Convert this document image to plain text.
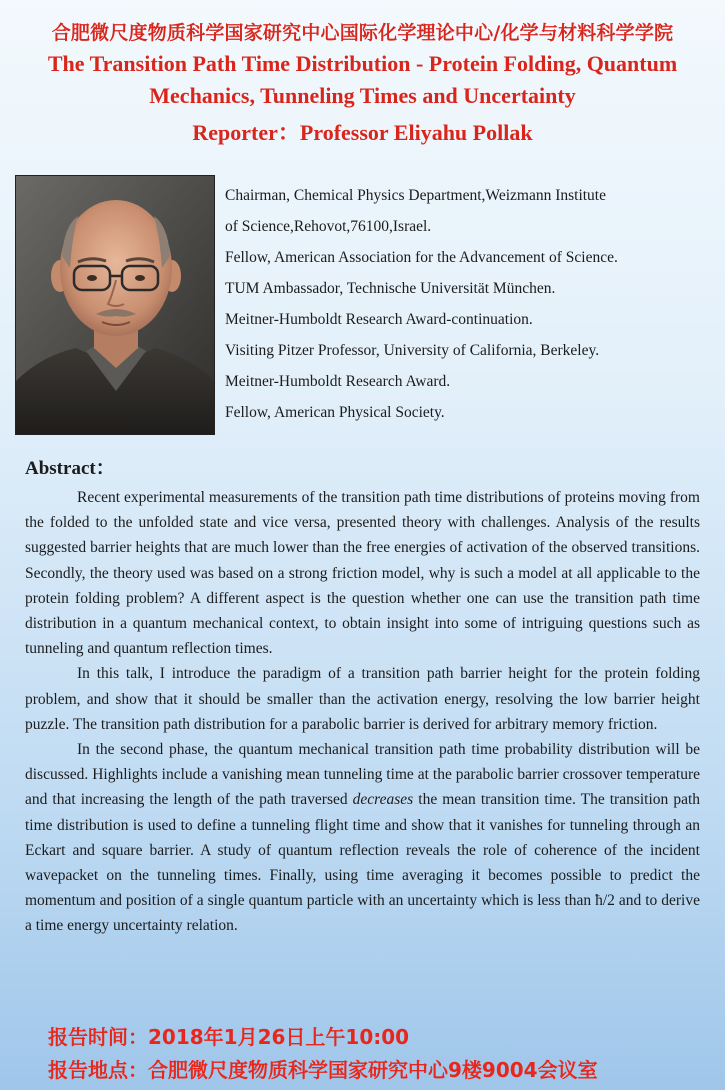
合肥微尺度物质科学国家研究中心国际化学理论中心/化学与材料科学学院
The Transition Path Time Distribution - Protein Folding, Quantum
Mechanics, Tunneling Times and Uncertainty
Reporter：Professor Eliyahu Pollak
Chairman, Chemical Physics Department,Weizmann Institute
of Science,Rehovot,76100,Israel.
Fellow, American Association for the Advancement of Science.
TUM Ambassador, Technische Universität München.
Meitner-Humboldt Research Award-continuation.
Visiting Pitzer Professor, University of California, Berkeley.
Meitner-Humboldt Research Award.
Fellow, American Physical Society.
Abstract：

Recent experimental measurements of the transition path time distributions of proteins moving from the folded to the unfolded state and vice versa, presented theory with challenges. Analysis of the results suggested barrier heights that are much lower than the free energies of activation of the observed transitions. Secondly, the theory used was based on a strong friction model, why is such a model at all applicable to the protein folding problem? A different aspect is the question whether one can use the transition path time distribution in a quantum mechanical context, to obtain insight into some of intriguing questions such as tunneling and quantum reflection times.

In this talk, I introduce the paradigm of a transition path barrier height for the protein folding problem, and show that it should be smaller than the activation energy, resolving the low barrier height puzzle. The transition path distribution for a parabolic barrier is derived for arbitrary memory friction.

In the second phase, the quantum mechanical transition path time probability distribution will be discussed. Highlights include a vanishing mean tunneling time at the parabolic barrier crossover temperature and that increasing the length of the path traversed decreases the mean transition time. The transition path time distribution is used to define a tunneling flight time and show that it vanishes for tunneling through an Eckart and square barrier. A study of quantum reflection reveals the role of coherence of the incident wavepacket on the tunneling times. Finally, using time averaging it becomes possible to predict the momentum and position of a single quantum particle with an uncertainty which is less than ħ/2 and to derive a time energy uncertainty relation.

报告时间：2018年1月26日上午10:00
报告地点：合肥微尺度物质科学国家研究中心9楼9004会议室
